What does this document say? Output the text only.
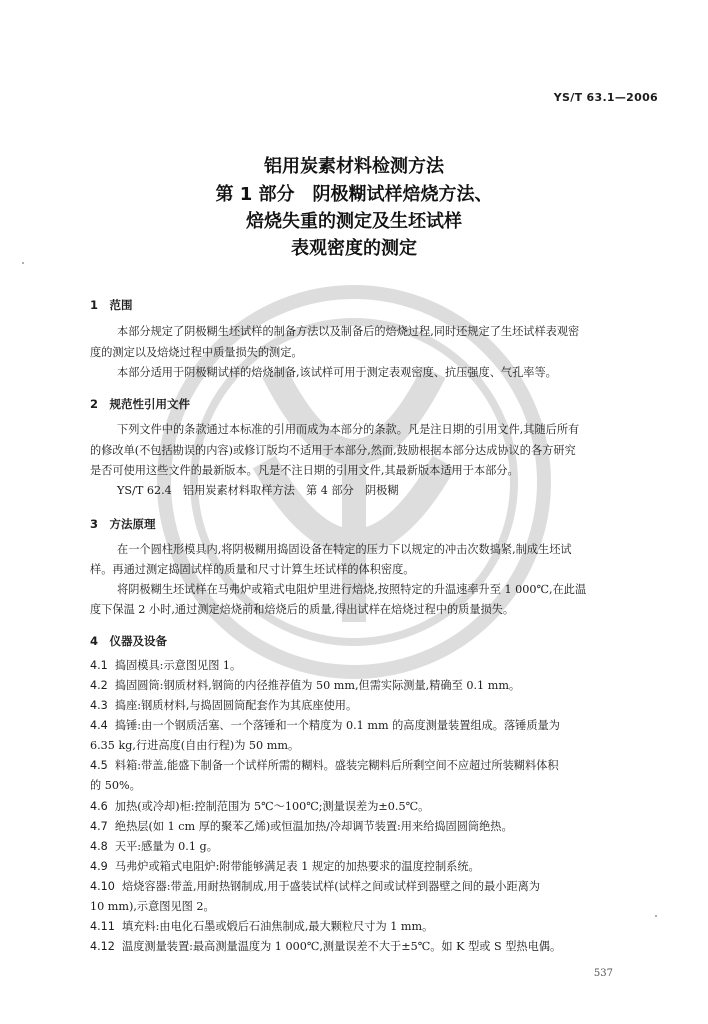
YS/T 63.1—2006
铝用炭素材料检测方法
第 1 部分　阴极糊试样焙烧方法、
焙烧失重的测定及生坯试样
表观密度的测定
1　范围
本部分规定了阴极糊生坯试样的制备方法以及制备后的焙烧过程,同时还规定了生坯试样表观密
度的测定以及焙烧过程中质量损失的测定。
本部分适用于阴极糊试样的焙烧制备,该试样可用于测定表观密度、抗压强度、气孔率等。
2　规范性引用文件
下列文件中的条款通过本标准的引用而成为本部分的条款。凡是注日期的引用文件,其随后所有
的修改单(不包括勘误的内容)或修订版均不适用于本部分,然而,鼓励根据本部分达成协议的各方研究
是否可使用这些文件的最新版本。凡是不注日期的引用文件,其最新版本适用于本部分。
YS/T 62.4　铝用炭素材料取样方法　第 4 部分　阴极糊
3　方法原理
在一个圆柱形模具内,将阴极糊用捣固设备在特定的压力下以规定的冲击次数捣紧,制成生坯试
样。再通过测定捣固试样的质量和尺寸计算生坯试样的体积密度。
将阴极糊生坯试样在马弗炉或箱式电阻炉里进行焙烧,按照特定的升温速率升至 1 000℃,在此温
度下保温 2 小时,通过测定焙烧前和焙烧后的质量,得出试样在焙烧过程中的质量损失。
4　仪器及设备
4.1 捣固模具:示意图见图 1。
4.2 捣固圆筒:钢质材料,钢筒的内径推荐值为 50 mm,但需实际测量,精确至 0.1 mm。
4.3 捣座:钢质材料,与捣固圆筒配套作为其底座使用。
4.4 捣锤:由一个钢质活塞、一个落锤和一个精度为 0.1 mm 的高度测量装置组成。落锤质量为
6.35 kg,行进高度(自由行程)为 50 mm。
4.5 料箱:带盖,能盛下制备一个试样所需的糊料。盛装完糊料后所剩空间不应超过所装糊料体积
的 50%。
4.6 加热(或冷却)柜:控制范围为 5℃～100℃;测量误差为±0.5℃。
4.7 绝热层(如 1 cm 厚的聚苯乙烯)或恒温加热/冷却调节装置:用来给捣固圆筒绝热。
4.8 天平:感量为 0.1 g。
4.9 马弗炉或箱式电阻炉:附带能够满足表 1 规定的加热要求的温度控制系统。
4.10 焙烧容器:带盖,用耐热钢制成,用于盛装试样(试样之间或试样到器壁之间的最小距离为
10 mm),示意图见图 2。
4.11 填充料:由电化石墨或煅后石油焦制成,最大颗粒尺寸为 1 mm。
4.12 温度测量装置:最高测量温度为 1 000℃,测量误差不大于±5℃。如 K 型或 S 型热电偶。
537
